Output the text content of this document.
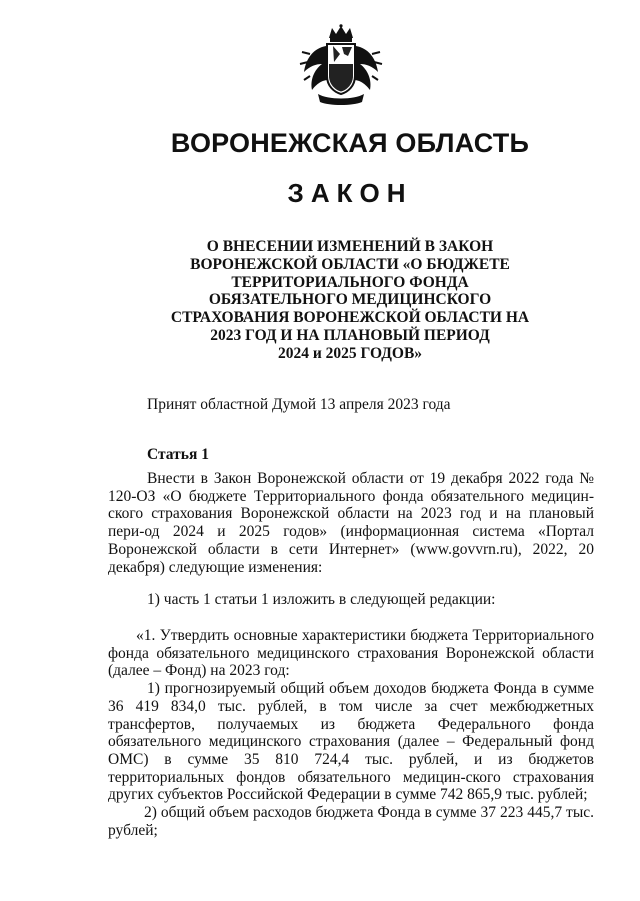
ВОРОНЕЖСКАЯ ОБЛАСТЬ
ЗАКОН
О ВНЕСЕНИИ ИЗМЕНЕНИЙ В ЗАКОН
ВОРОНЕЖСКОЙ ОБЛАСТИ «О БЮДЖЕТЕ
ТЕРРИТОРИАЛЬНОГО ФОНДА
ОБЯЗАТЕЛЬНОГО МЕДИЦИНСКОГО
СТРАХОВАНИЯ ВОРОНЕЖСКОЙ ОБЛАСТИ НА
2023 ГОД И НА ПЛАНОВЫЙ ПЕРИОД
2024 и 2025 ГОДОВ»
Принят областной Думой 13 апреля 2023 года
Статья 1

Внести в Закон Воронежской области от 19 декабря 2022 года № 120-ОЗ «О бюджете Территориального фонда обязательного медицин-ского страхования Воронежской области на 2023 год и на плановый пери-од 2024 и 2025 годов» (информационная система «Портал Воронежской области в сети Интернет» (www.govvrn.ru), 2022, 20 декабря) следующие изменения:

1) часть 1 статьи 1 изложить в следующей редакции:

«1. Утвердить основные характеристики бюджета Территориального фонда обязательного медицинского страхования Воронежской области (далее – Фонд) на 2023 год:

1) прогнозируемый общий объем доходов бюджета Фонда в сумме 36 419 834,0 тыс. рублей, в том числе за счет межбюджетных трансфертов, получаемых из бюджета Федерального фонда обязательного медицинского страхования (далее – Федеральный фонд ОМС) в сумме 35 810 724,4 тыс. рублей, и из бюджетов территориальных фондов обязательного медицин-ского страхования других субъектов Российской Федерации в сумме 742 865,9 тыс. рублей;

2) общий объем расходов бюджета Фонда в сумме 37 223 445,7 тыс. рублей;
